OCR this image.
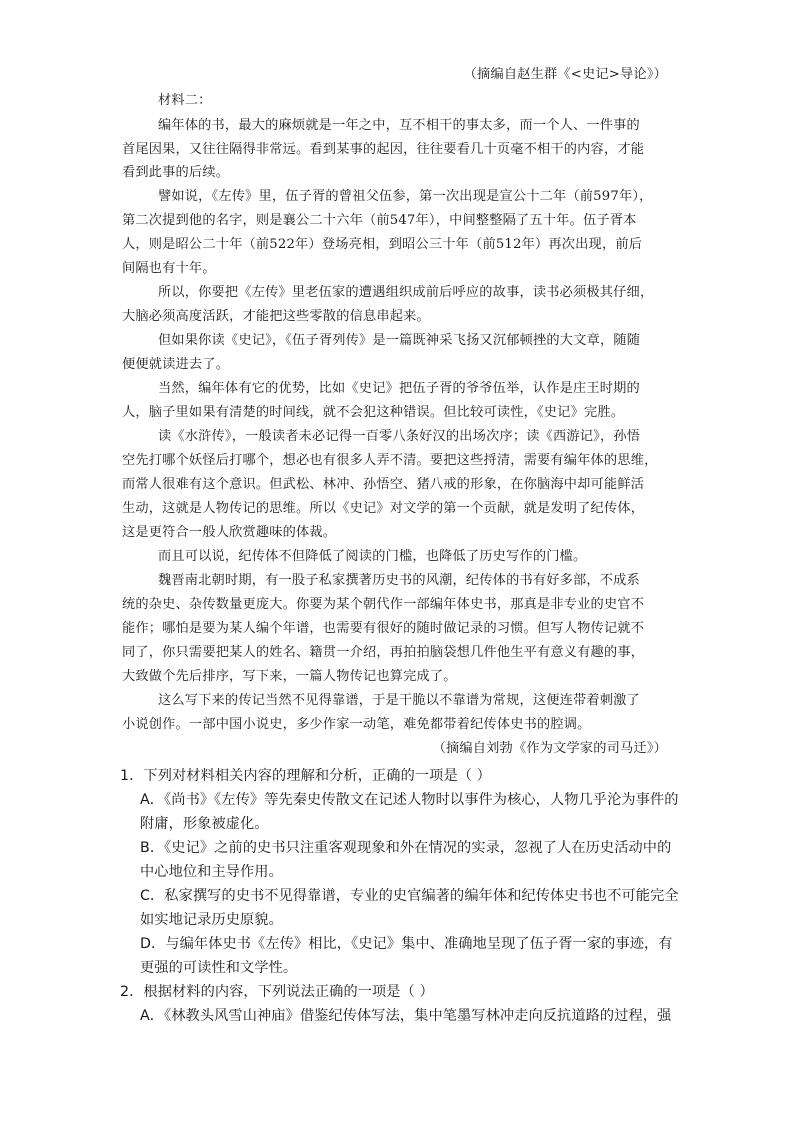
（摘编自赵生群《<史记>导论》）
材料二：
编年体的书，最大的麻烦就是一年之中，互不相干的事太多，而一个人、一件事的
首尾因果，又往往隔得非常远。看到某事的起因，往往要看几十页毫不相干的内容，才能
看到此事的后续。
譬如说，《左传》里，伍子胥的曾祖父伍参，第一次出现是宣公十二年（前597年），
第二次提到他的名字，则是襄公二十六年（前547年），中间整整隔了五十年。伍子胥本
人，则是昭公二十年（前522年）登场亮相，到昭公三十年（前512年）再次出现，前后
间隔也有十年。
所以，你要把《左传》里老伍家的遭遇组织成前后呼应的故事，读书必须极其仔细，
大脑必须高度活跃，才能把这些零散的信息串起来。
但如果你读《史记》，《伍子胥列传》是一篇既神采飞扬又沉郁顿挫的大文章，随随
便便就读进去了。
当然，编年体有它的优势，比如《史记》把伍子胥的爷爷伍举，认作是庄王时期的
人，脑子里如果有清楚的时间线，就不会犯这种错误。但比较可读性，《史记》完胜。
读《水浒传》，一般读者未必记得一百零八条好汉的出场次序；读《西游记》，孙悟
空先打哪个妖怪后打哪个，想必也有很多人弄不清。要把这些捋清，需要有编年体的思维，
而常人很难有这个意识。但武松、林冲、孙悟空、猪八戒的形象，在你脑海中却可能鲜活
生动，这就是人物传记的思维。所以《史记》对文学的第一个贡献，就是发明了纪传体，
这是更符合一般人欣赏趣味的体裁。
而且可以说，纪传体不但降低了阅读的门槛，也降低了历史写作的门槛。
魏晋南北朝时期，有一股子私家撰著历史书的风潮，纪传体的书有好多部，不成系
统的杂史、杂传数量更庞大。你要为某个朝代作一部编年体史书，那真是非专业的史官不
能作；哪怕是要为某人编个年谱，也需要有很好的随时做记录的习惯。但写人物传记就不
同了，你只需要把某人的姓名、籍贯一介绍，再拍拍脑袋想几件他生平有意义有趣的事，
大致做个先后排序，写下来，一篇人物传记也算完成了。
这么写下来的传记当然不见得靠谱，于是干脆以不靠谱为常规，这便连带着刺激了
小说创作。一部中国小说史，多少作家一动笔，难免都带着纪传体史书的腔调。
（摘编自刘勃《作为文学家的司马迁》）
1．下列对材料相关内容的理解和分析，正确的一项是（ ）
A．《尚书》《左传》等先秦史传散文在记述人物时以事件为核心，人物几乎沦为事件的
附庸，形象被虚化。
B．《史记》之前的史书只注重客观现象和外在情况的实录，忽视了人在历史活动中的
中心地位和主导作用。
C．私家撰写的史书不见得靠谱，专业的史官编著的编年体和纪传体史书也不可能完全
如实地记录历史原貌。
D．与编年体史书《左传》相比，《史记》集中、准确地呈现了伍子胥一家的事迹，有
更强的可读性和文学性。
2．根据材料的内容，下列说法正确的一项是（ ）
A．《林教头风雪山神庙》借鉴纪传体写法，集中笔墨写林冲走向反抗道路的过程，强
